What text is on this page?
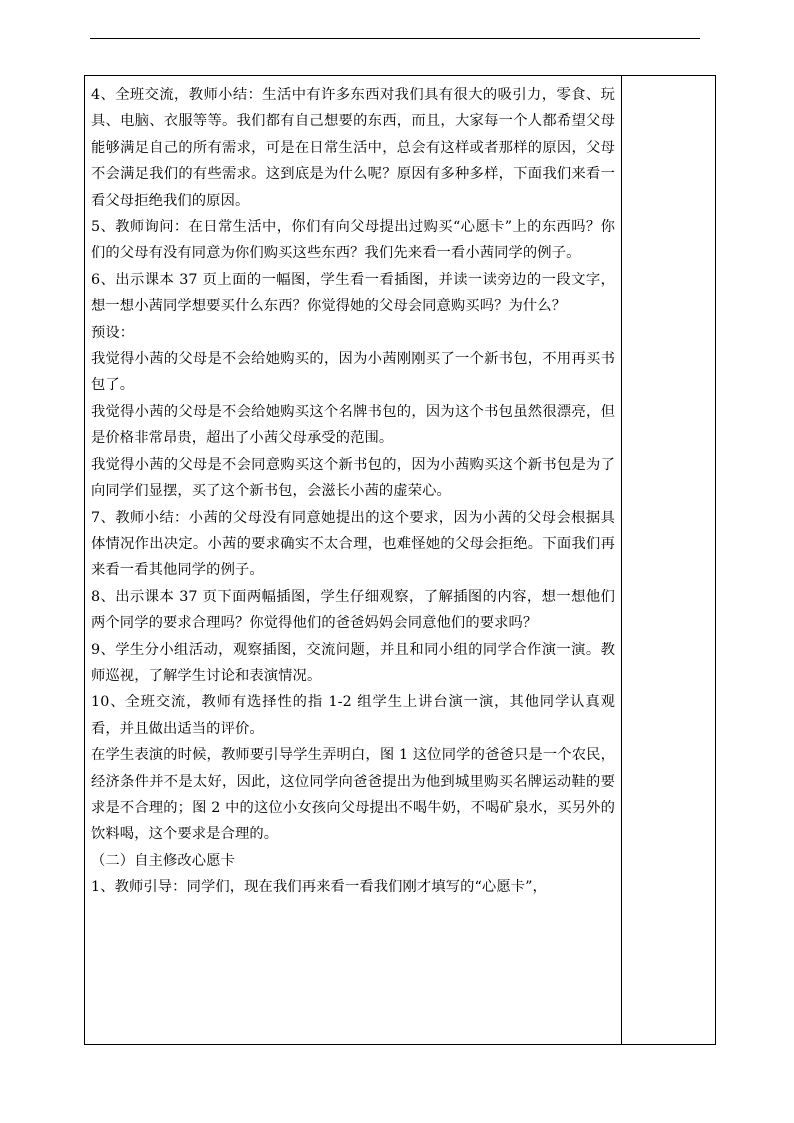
4、全班交流，教师小结：生活中有许多东西对我们具有很大的吸引力，零食、玩具、电脑、衣服等等。我们都有自己想要的东西，而且，大家每一个人都希望父母能够满足自己的所有需求，可是在日常生活中，总会有这样或者那样的原因，父母不会满足我们的有些需求。这到底是为什么呢？原因有多种多样，下面我们来看一看父母拒绝我们的原因。

5、教师询问：在日常生活中，你们有向父母提出过购买“心愿卡”上的东西吗？你们的父母有没有同意为你们购买这些东西？我们先来看一看小茜同学的例子。

6、出示课本 37 页上面的一幅图，学生看一看插图，并读一读旁边的一段文字，想一想小茜同学想要买什么东西？你觉得她的父母会同意购买吗？为什么？

预设：

我觉得小茜的父母是不会给她购买的，因为小茜刚刚买了一个新书包，不用再买书包了。

我觉得小茜的父母是不会给她购买这个名牌书包的，因为这个书包虽然很漂亮，但是价格非常昂贵，超出了小茜父母承受的范围。

我觉得小茜的父母是不会同意购买这个新书包的，因为小茜购买这个新书包是为了向同学们显摆，买了这个新书包，会滋长小茜的虚荣心。

7、教师小结：小茜的父母没有同意她提出的这个要求，因为小茜的父母会根据具体情况作出决定。小茜的要求确实不太合理，也难怪她的父母会拒绝。下面我们再来看一看其他同学的例子。

8、出示课本 37 页下面两幅插图，学生仔细观察，了解插图的内容，想一想他们两个同学的要求合理吗？你觉得他们的爸爸妈妈会同意他们的要求吗？

9、学生分小组活动，观察插图，交流问题，并且和同小组的同学合作演一演。教师巡视，了解学生讨论和表演情况。

10、全班交流，教师有选择性的指 1-2 组学生上讲台演一演，其他同学认真观看，并且做出适当的评价。

在学生表演的时候，教师要引导学生弄明白，图 1 这位同学的爸爸只是一个农民，经济条件并不是太好，因此，这位同学向爸爸提出为他到城里购买名牌运动鞋的要求是不合理的；图 2 中的这位小女孩向父母提出不喝牛奶，不喝矿泉水，买另外的饮料喝，这个要求是合理的。

（二）自主修改心愿卡

1、教师引导：同学们，现在我们再来看一看我们刚才填写的“心愿卡”，
